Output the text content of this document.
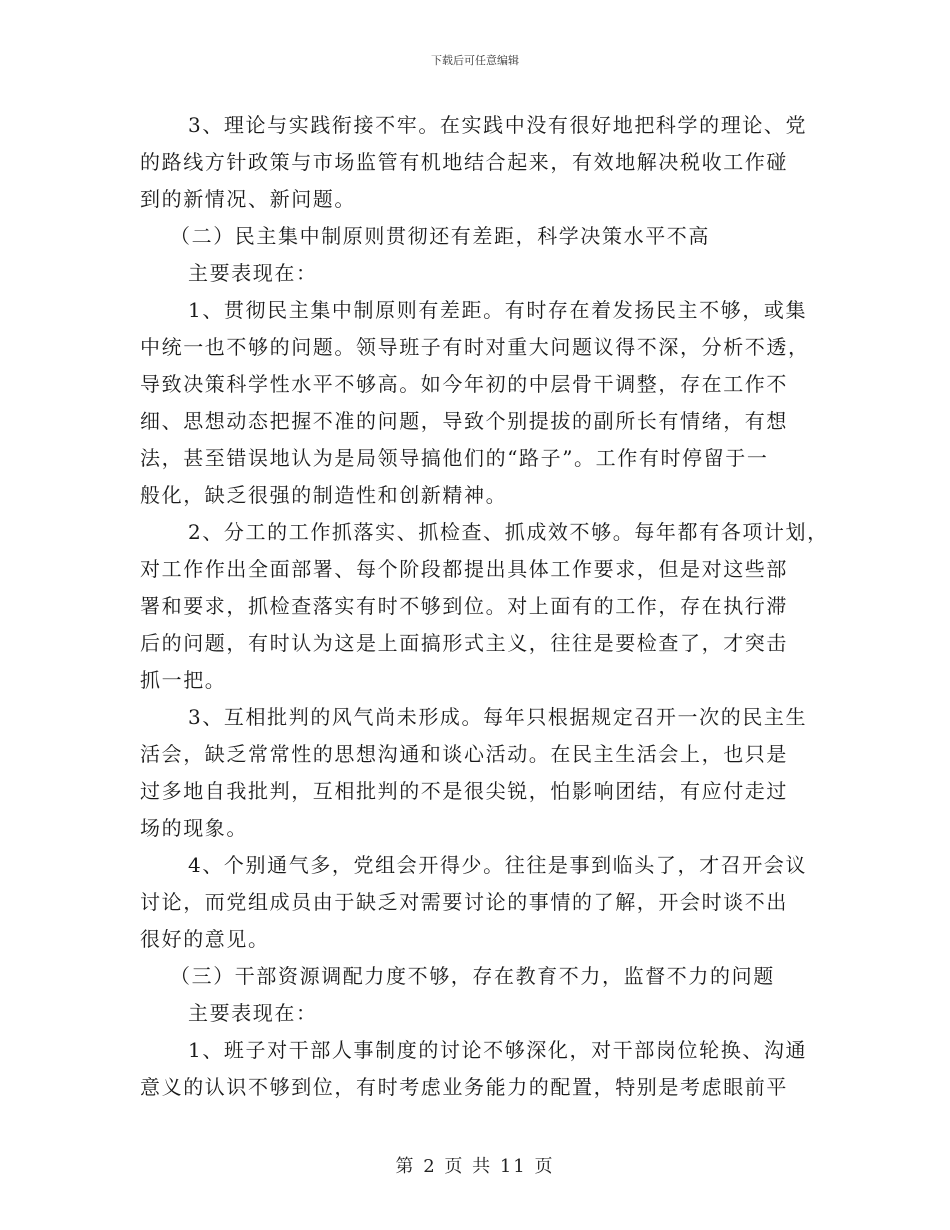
下载后可任意编辑
3、理论与实践衔接不牢。在实践中没有很好地把科学的理论、党
的路线方针政策与市场监管有机地结合起来，有效地解决税收工作碰
到的新情况、新问题。
（二）民主集中制原则贯彻还有差距，科学决策水平不高
主要表现在：
1、贯彻民主集中制原则有差距。有时存在着发扬民主不够，或集
中统一也不够的问题。领导班子有时对重大问题议得不深，分析不透，
导致决策科学性水平不够高。如今年初的中层骨干调整，存在工作不
细、思想动态把握不准的问题，导致个别提拔的副所长有情绪，有想
法，甚至错误地认为是局领导搞他们的“路子”。工作有时停留于一
般化，缺乏很强的制造性和创新精神。
2、分工的工作抓落实、抓检查、抓成效不够。每年都有各项计划，
对工作作出全面部署、每个阶段都提出具体工作要求，但是对这些部
署和要求，抓检查落实有时不够到位。对上面有的工作，存在执行滞
后的问题，有时认为这是上面搞形式主义，往往是要检查了，才突击
抓一把。
3、互相批判的风气尚未形成。每年只根据规定召开一次的民主生
活会，缺乏常常性的思想沟通和谈心活动。在民主生活会上，也只是
过多地自我批判，互相批判的不是很尖锐，怕影响团结，有应付走过
场的现象。
4、个别通气多，党组会开得少。往往是事到临头了，才召开会议
讨论，而党组成员由于缺乏对需要讨论的事情的了解，开会时谈不出
很好的意见。
（三）干部资源调配力度不够，存在教育不力，监督不力的问题
主要表现在：
1、班子对干部人事制度的讨论不够深化，对干部岗位轮换、沟通
意义的认识不够到位，有时考虑业务能力的配置，特别是考虑眼前平
第 2 页 共 11 页
